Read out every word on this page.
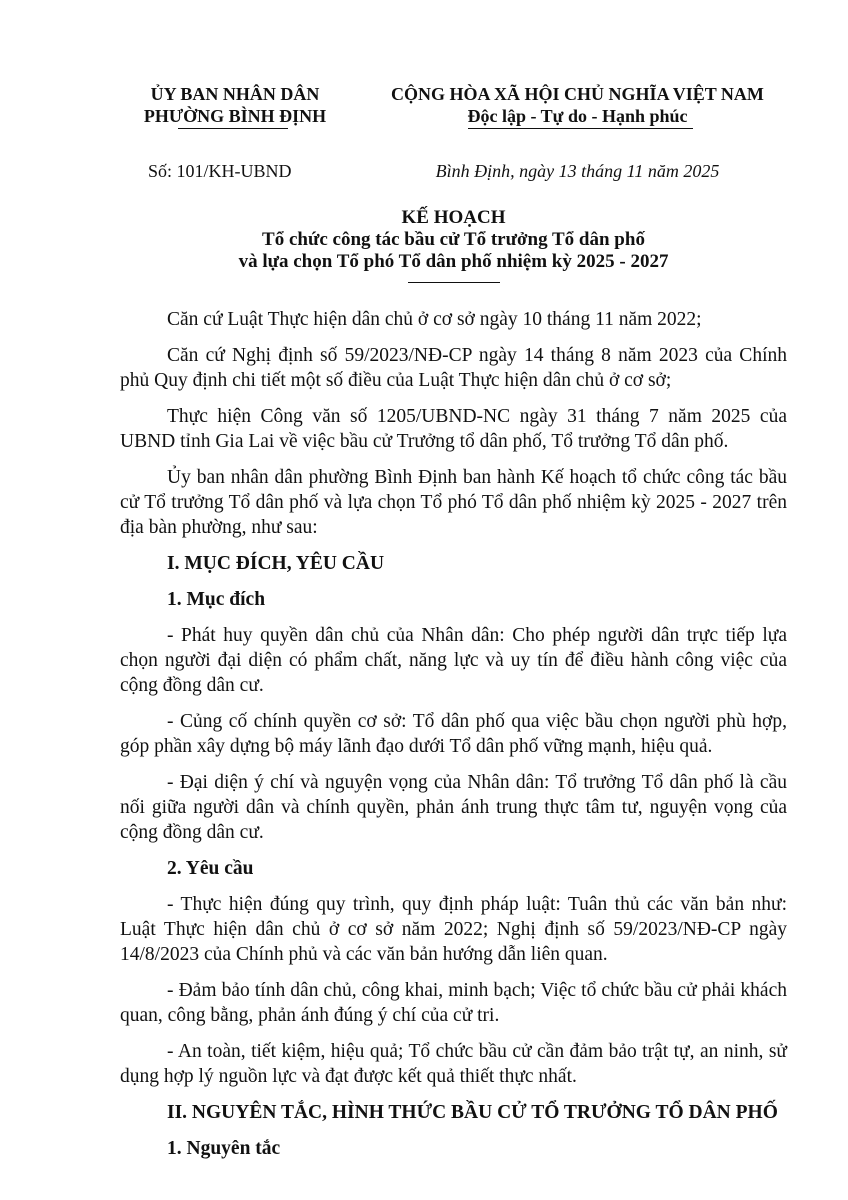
ỦY BAN NHÂN DÂN
PHƯỜNG BÌNH ĐỊNH
CỘNG HÒA XÃ HỘI CHỦ NGHĨA VIỆT NAM
Độc lập - Tự do - Hạnh phúc
Số: 101/KH-UBND	Bình Định, ngày 13 tháng 11 năm 2025
KẾ HOẠCH
Tổ chức công tác bầu cử Tổ trưởng Tổ dân phố
và lựa chọn Tổ phó Tổ dân phố nhiệm kỳ 2025 - 2027

Căn cứ Luật Thực hiện dân chủ ở cơ sở ngày 10 tháng 11 năm 2022;

Căn cứ Nghị định số 59/2023/NĐ-CP ngày 14 tháng 8 năm 2023 của Chính phủ Quy định chi tiết một số điều của Luật Thực hiện dân chủ ở cơ sở;

Thực hiện Công văn số 1205/UBND-NC ngày 31 tháng 7 năm 2025 của UBND tỉnh Gia Lai về việc bầu cử Trưởng tổ dân phố, Tổ trưởng Tổ dân phố.

Ủy ban nhân dân phường Bình Định ban hành Kế hoạch tổ chức công tác bầu cử Tổ trưởng Tổ dân phố và lựa chọn Tổ phó Tổ dân phố nhiệm kỳ 2025 - 2027 trên địa bàn phường, như sau:

I. MỤC ĐÍCH, YÊU CẦU
1. Mục đích

- Phát huy quyền dân chủ của Nhân dân: Cho phép người dân trực tiếp lựa chọn người đại diện có phẩm chất, năng lực và uy tín để điều hành công việc của cộng đồng dân cư.

- Củng cố chính quyền cơ sở: Tổ dân phố qua việc bầu chọn người phù hợp, góp phần xây dựng bộ máy lãnh đạo dưới Tổ dân phố vững mạnh, hiệu quả.

- Đại diện ý chí và nguyện vọng của Nhân dân: Tổ trưởng Tổ dân phố là cầu nối giữa người dân và chính quyền, phản ánh trung thực tâm tư, nguyện vọng của cộng đồng dân cư.

2. Yêu cầu

- Thực hiện đúng quy trình, quy định pháp luật: Tuân thủ các văn bản như: Luật Thực hiện dân chủ ở cơ sở năm 2022; Nghị định số 59/2023/NĐ-CP ngày 14/8/2023 của Chính phủ và các văn bản hướng dẫn liên quan.

- Đảm bảo tính dân chủ, công khai, minh bạch; Việc tổ chức bầu cử phải khách quan, công bằng, phản ánh đúng ý chí của cử tri.

- An toàn, tiết kiệm, hiệu quả; Tổ chức bầu cử cần đảm bảo trật tự, an ninh, sử dụng hợp lý nguồn lực và đạt được kết quả thiết thực nhất.

II. NGUYÊN TẮC, HÌNH THỨC BẦU CỬ TỔ TRƯỞNG TỔ DÂN PHỐ
1. Nguyên tắc
